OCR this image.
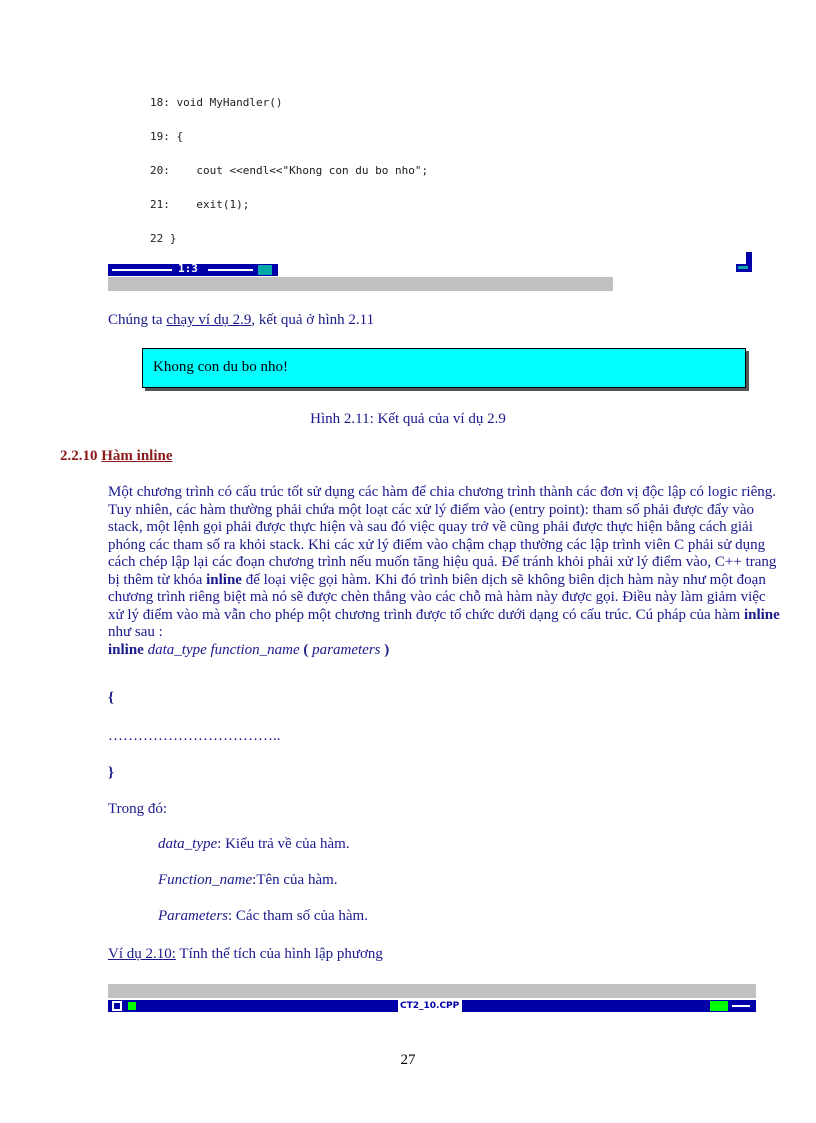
18: void MyHandler()
19: {
20:    cout <<endl<<"Khong con du bo nho";
21:    exit(1);
22 }
1:3

Chúng ta chạy ví dụ 2.9, kết quả ở hình 2.11
Khong con du bo nho!
Hình 2.11: Kết quả của ví dụ 2.9
2.2.10 Hàm inline
Một chương trình có cấu trúc tốt sử dụng các hàm để chia chương trình thành các đơn vị độc lập có logic riêng. Tuy nhiên, các hàm thường phải chứa một loạt các xử lý điểm vào (entry point): tham số phải được đẩy vào stack, một lệnh gọi phải được thực hiện và sau đó việc quay trở về cũng phải được thực hiện bằng cách giải phóng các tham số ra khỏi stack. Khi các xử lý điểm vào chậm chạp thường các lập trình viên C phải sử dụng cách chép lập lại các đoạn chương trình nếu muốn tăng hiệu quả. Để tránh khỏi phải xử lý điểm vào, C++ trang bị thêm từ khóa inline để loại việc gọi hàm. Khi đó trình biên dịch sẽ không biên dịch hàm này như một đoạn chương trình riêng biệt mà nó sẽ được chèn thẳng vào các chỗ mà hàm này được gọi. Điều này làm giảm việc xử lý điểm vào mà vẫn cho phép một chương trình được tổ chức dưới dạng có cấu trúc. Cú pháp của hàm inline như sau :
inline data_type function_name ( parameters )
{
……………………………..
}
Trong đó:
data_type: Kiểu trả về của hàm.
Function_name:Tên của hàm.
Parameters: Các tham số của hàm.
Ví dụ 2.10: Tính thể tích của hình lập phương

CT2_10.CPP
27
